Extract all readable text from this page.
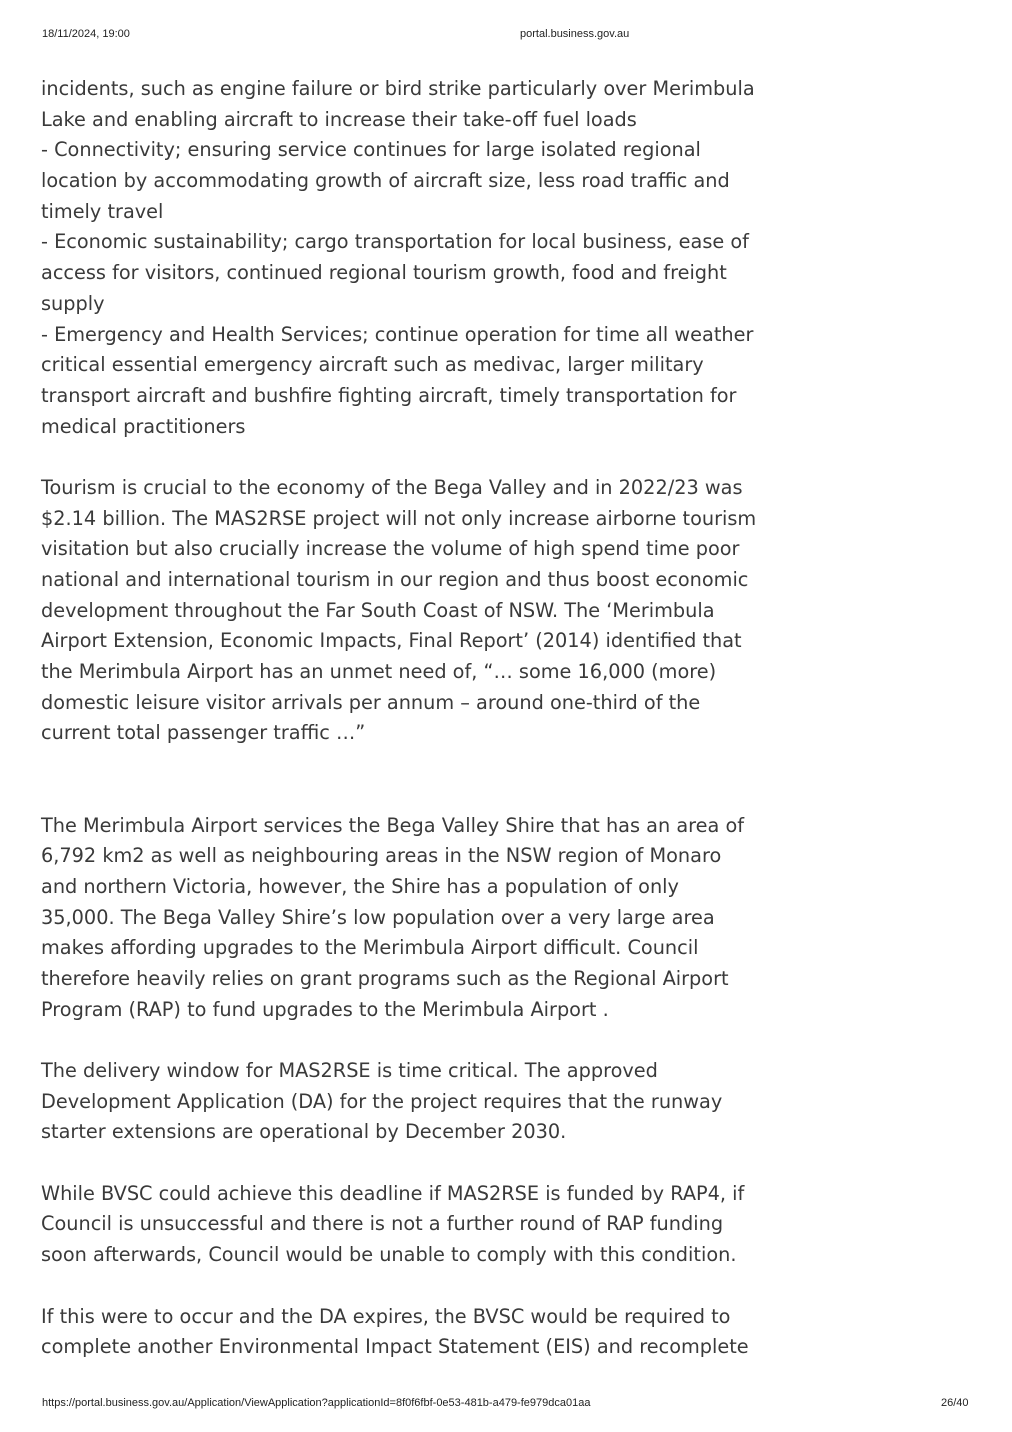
18/11/2024, 19:00	portal.business.gov.au
incidents, such as engine failure or bird strike particularly over Merimbula
Lake and enabling aircraft to increase their take-off fuel loads
- Connectivity; ensuring service continues for large isolated regional
location by accommodating growth of aircraft size, less road traffic and
timely travel
- Economic sustainability; cargo transportation for local business, ease of
access for visitors, continued regional tourism growth, food and freight
supply
- Emergency and Health Services; continue operation for time all weather
critical essential emergency aircraft such as medivac, larger military
transport aircraft and bushfire fighting aircraft, timely transportation for
medical practitioners
Tourism is crucial to the economy of the Bega Valley and in 2022/23 was
$2.14 billion. The MAS2RSE project will not only increase airborne tourism
visitation but also crucially increase the volume of high spend time poor
national and international tourism in our region and thus boost economic
development throughout the Far South Coast of NSW. The ‘Merimbula
Airport Extension, Economic Impacts, Final Report’ (2014) identified that
the Merimbula Airport has an unmet need of, “… some 16,000 (more)
domestic leisure visitor arrivals per annum – around one-third of the
current total passenger traffic …”
The Merimbula Airport services the Bega Valley Shire that has an area of
6,792 km2 as well as neighbouring areas in the NSW region of Monaro
and northern Victoria, however, the Shire has a population of only
35,000. The Bega Valley Shire’s low population over a very large area
makes affording upgrades to the Merimbula Airport difficult. Council
therefore heavily relies on grant programs such as the Regional Airport
Program (RAP) to fund upgrades to the Merimbula Airport .
The delivery window for MAS2RSE is time critical. The approved
Development Application (DA) for the project requires that the runway
starter extensions are operational by December 2030.
While BVSC could achieve this deadline if MAS2RSE is funded by RAP4, if
Council is unsuccessful and there is not a further round of RAP funding
soon afterwards, Council would be unable to comply with this condition.
If this were to occur and the DA expires, the BVSC would be required to
complete another Environmental Impact Statement (EIS) and recomplete
https://portal.business.gov.au/Application/ViewApplication?applicationId=8f0f6fbf-0e53-481b-a479-fe979dca01aa	26/40
